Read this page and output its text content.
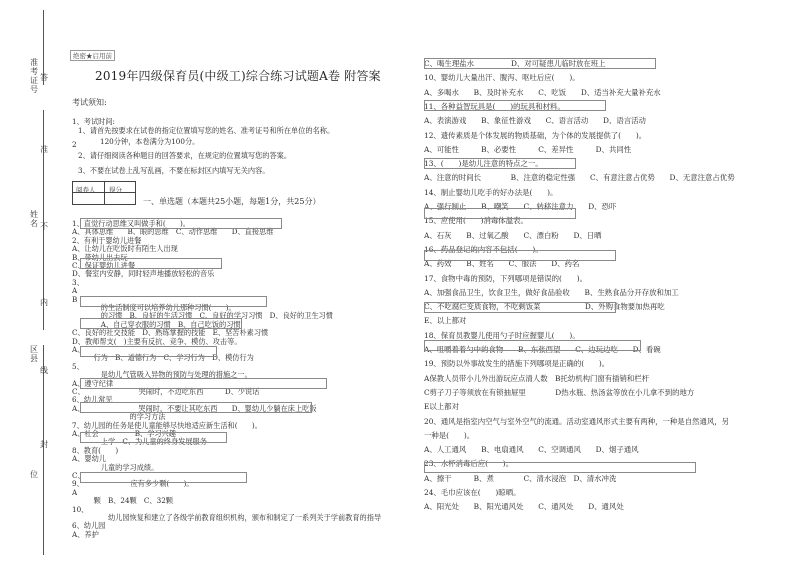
准考证号
姓名
区县
位
答
准
不
内
线
封
绝密★启用前
2019年四级保育员(中级工)综合练习试题A卷 附答案
考试须知:
1、考试时间:
120分钟，本卷满分为100分。
1、请首先按要求在试卷的指定位置填写您的姓名、准考证号和所在单位的名称。
2
2、请仔细阅读各种题目的回答要求，在规定的位置填写您的答案。
3、不要在试卷上乱写乱画，不要在标封区内填写无关内容。
阅卷人 得分
一、单选题（本题共25小题，每题1分，共25分）
1、直觉行动思维又叫做手和(　　)。
A、具体思维　　B、眼的思维　C、动作思维　　D、直接思维
2、有利于婴幼儿进餐
A、让幼儿在吃饭时有陌生人出现
B、带幼儿出去玩
C、保证婴幼儿进餐
D、餐室内安静，同时轻声地播放轻松的音乐
3、
A
B
　　　　的生活制度可以培养幼儿那种习惯(　　)。
　　　　的习惯　B、良好的生活习惯　C、良好的学习习惯　D、良好的卫生习惯
　　　　A、自己穿衣服的习惯　B、自己吃饭的习惯
C、良好的社交技能　D、熟练掌握的技能　E、坚苦朴素习惯
D、教师帮支(　)主要有反抗、竞争、模仿、攻击等。
A、
　　　行为　B、道德行为　C、学习行为　D、模仿行为
5、
　　　　是幼儿气管吸入异物的预防与处理的措施之一。
A、遵守纪律
C、　　　　　　　　哭闹时，不边吃东西　　　D、少说话
6、幼儿常见
A、　　　　　　　　哭闹时，不要让其吃东西　　D、婴幼儿少躺在床上吃饭
　　　　　　　　的学习方法
7、幼儿园的任务是使儿童能够尽快地适应新生活和(　　)。
A、社会　　　　　B、学习兴趣
　　　　上学　C、为儿童的终身发展服务
8、教育(　　)
A、婴幼儿
　　　　儿童的学习成绩。
C、
9、　　　　　　　应有多少颗(　　)。
A
　　　颗　B、24颗　C、32颗
10、
　　　　　幼儿园恢复和建立了各级学前教育组织机构，颁布和制定了一系列关于学前教育的指导
6、幼儿园
A、养护
C、喝生理盐水　　　　　D、对可疑患儿临时放在班上
10、婴幼儿大量出汗、腹泻、呕吐后应(　　)。
A、多喝水　　B、及时补充水　　C、吃饭　　D、适当补充大量补充水
11、各种益智玩具是(　　)的玩具和材料。
A、表演游戏　　B、象征性游戏　　C、语言活动　　D、语言活动
12、遗传素质是个体发展的物质基础，为个体的发展提供了(　　)。
A、可能性　　　B、必要性　　　C、差异性　　　D、共同性
13、(　　)是幼儿注意的特点之一。
A、注意的时间长　　　　B、注意的稳定性强　　C、有意注意占优势　　D、无意注意占优势
14、制止婴幼儿吃手的好办法是(　　)。
A、强行制止　　B、嘲笑　　C、转移注意力　　D、恐吓
15、应使用(　　)消毒体温表。
A、石灰　　B、过氧乙酸　　C、漂白粉　　D、日晒
16、药品登记的内容不包括(　　)。
A、药效　　B、姓名　　C、服法　　D、药名
17、食物中毒的预防，下列哪项是错误的(　　)。
A、加强食品卫生，饮食卫生，做好食品验收　　B、生熟食品分开存放和加工
C、不吃腐烂变质食物，不吃剩饭菜　　　　　　D、外购食物要加热再吃
E、以上都对
18、保育员教婴儿使用勺子时应握婴儿(　　)。
A、咀嚼着着勺中的食物　　B、东张西望　　C、边玩边吃　　D、看碗
19、预防以外事故发生的措施下列哪项是正确的(　　)。
A保教人员带小儿外出游玩应点清人数　B托幼机构门窗有插销和栏杆
C剪子刀子等须放在有锁抽屉里　　　　D热水瓶、热汤盆等放在小儿拿不到的地方
E以上都对
20、通风是指室内空气与室外空气的流通。活动室通风形式主要有两种，一种是自然通风，另
一种是(　　)。
A、人工通风　　B、电扇通风　　C、空调通风　　D、烟子通风
23、水杯消毒后应(　　)。
A、擦干　　　B、煮　　　　C、清水浸泡　D、清水冲洗
24、毛巾应该在(　　)晾晒。
A、阳光处　　B、阳光通风处　　C、通风处　　D、通风处
